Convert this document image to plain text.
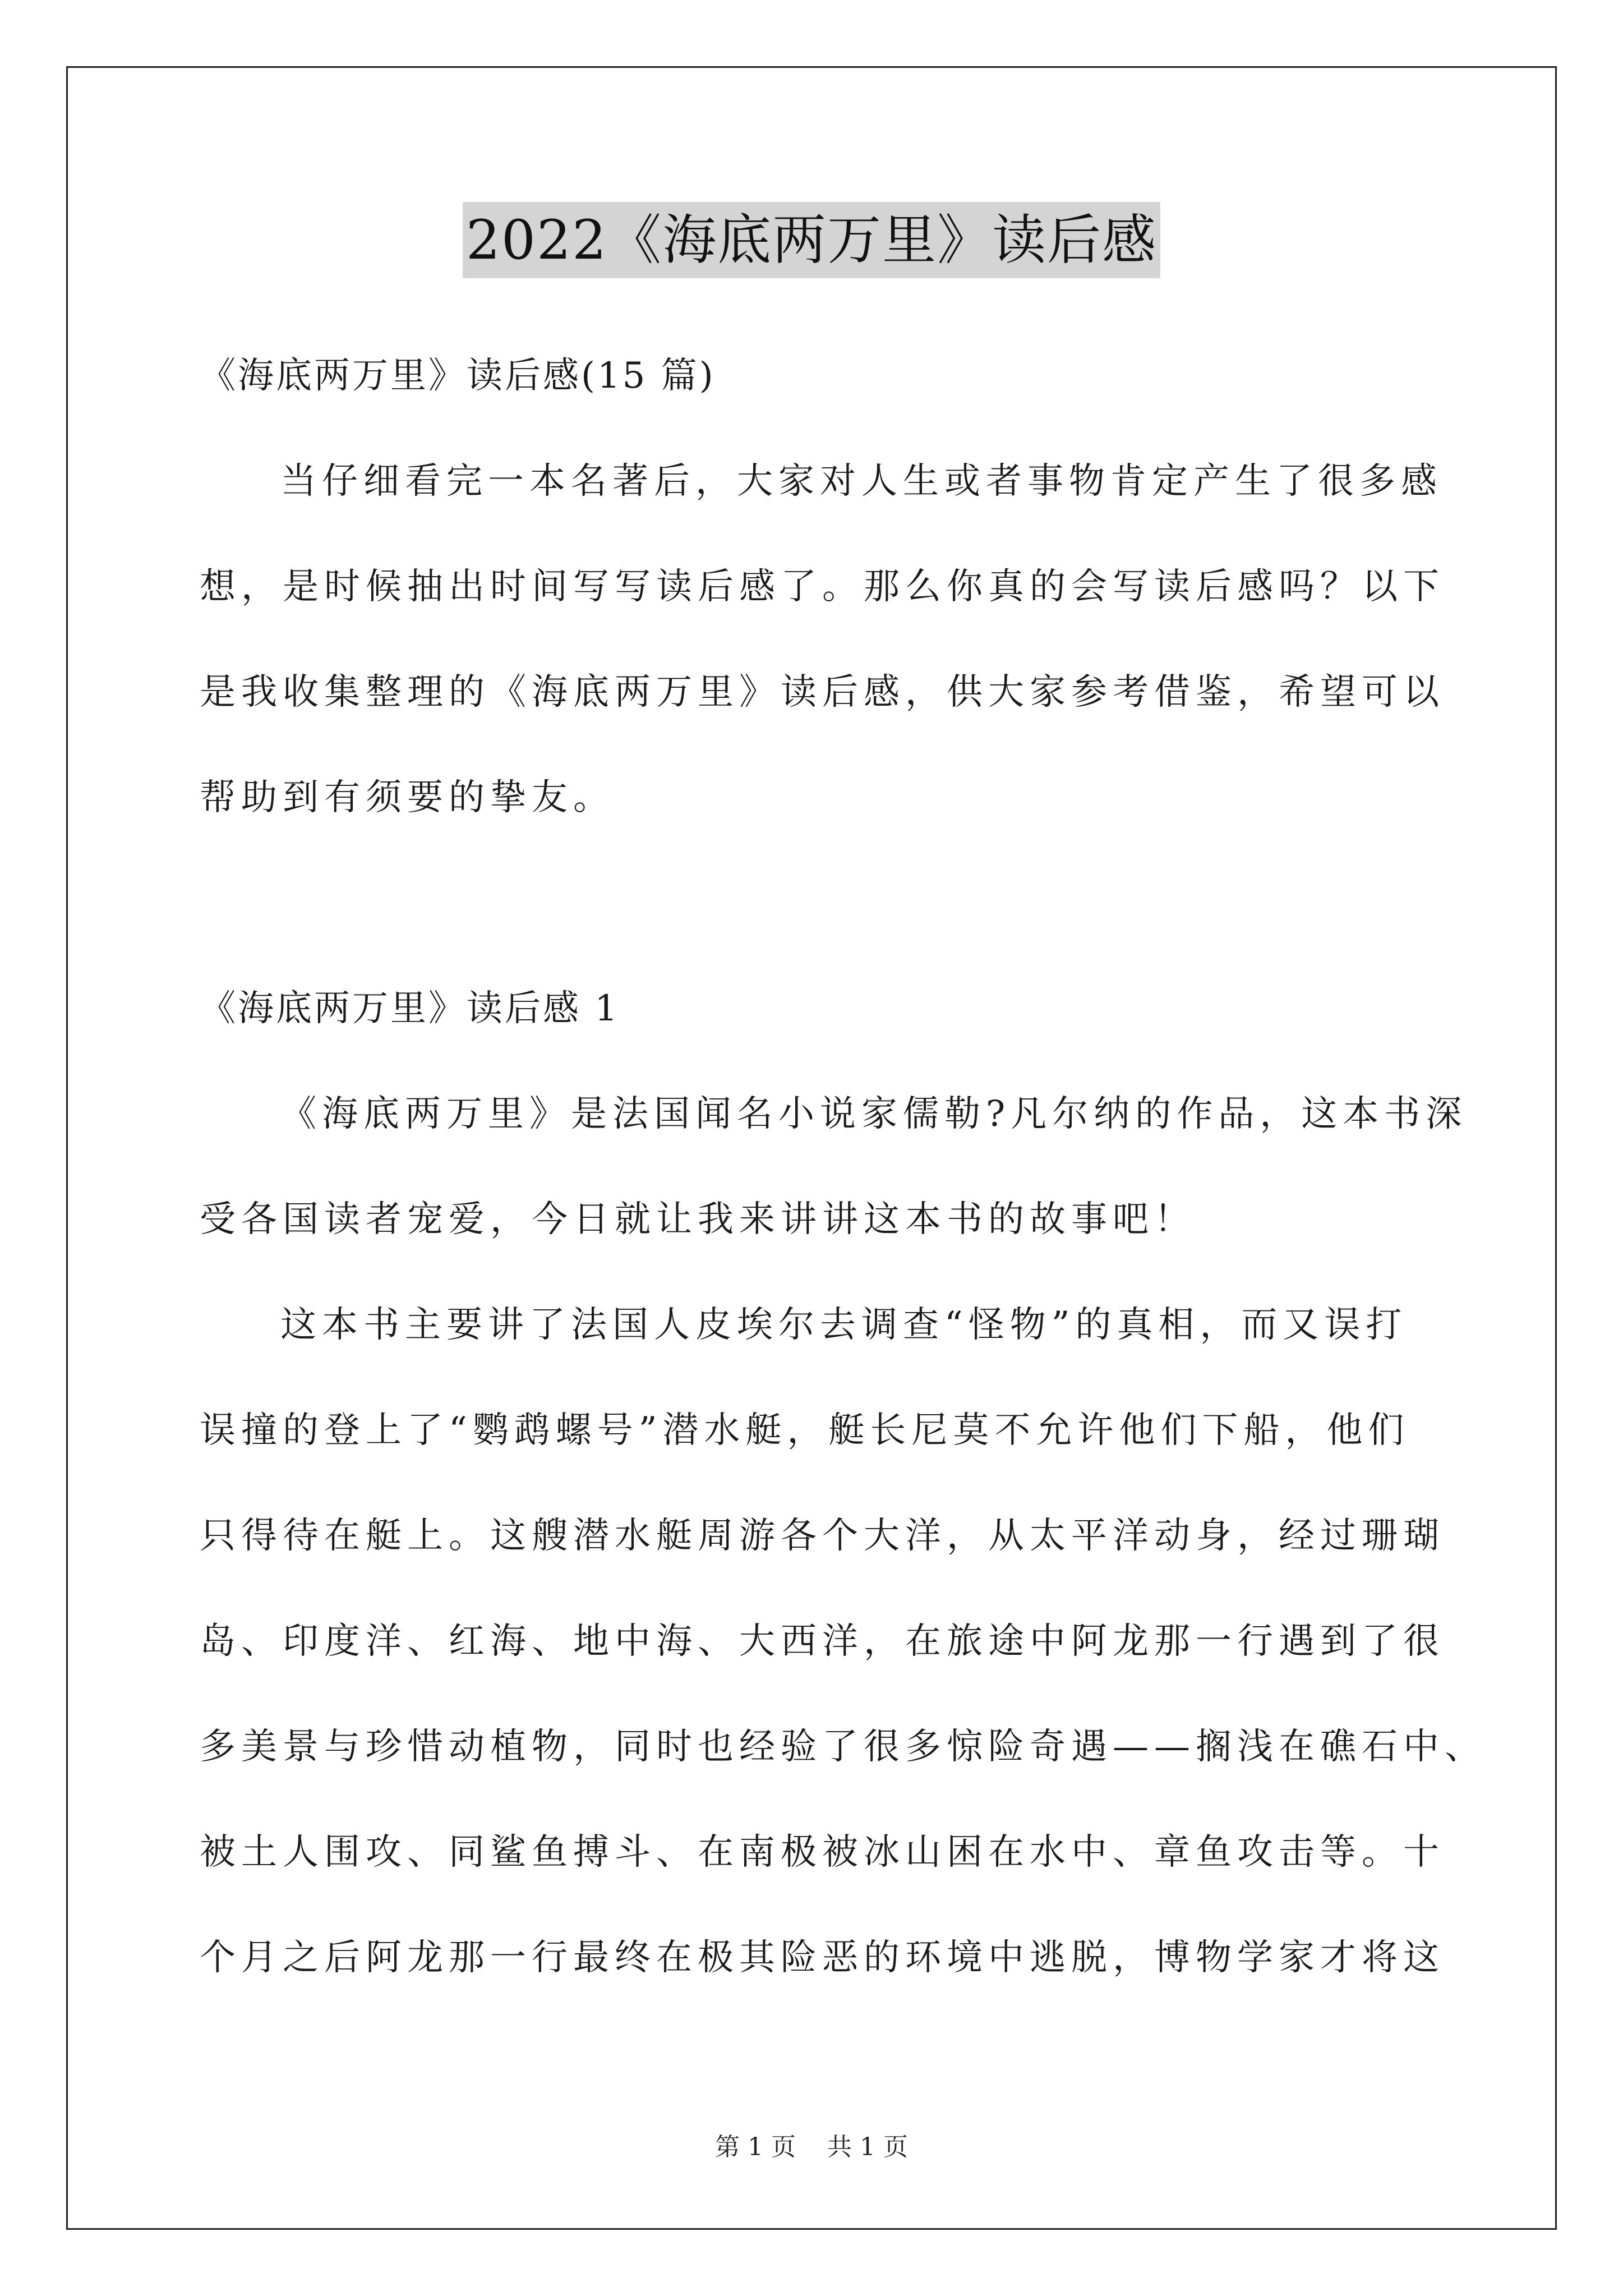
2022《海底两万里》读后感
《海底两万里》读后感(15 篇)
当仔细看完一本名著后，大家对人生或者事物肯定产生了很多感
想，是时候抽出时间写写读后感了。那么你真的会写读后感吗？以下
是我收集整理的《海底两万里》读后感，供大家参考借鉴，希望可以
帮助到有须要的挚友。
《海底两万里》读后感 1
《海底两万里》是法国闻名小说家儒勒?凡尔纳的作品，这本书深
受各国读者宠爱，今日就让我来讲讲这本书的故事吧！
这本书主要讲了法国人皮埃尔去调查“怪物”的真相，而又误打
误撞的登上了“鹦鹉螺号”潜水艇，艇长尼莫不允许他们下船，他们
只得待在艇上。这艘潜水艇周游各个大洋，从太平洋动身，经过珊瑚
岛、印度洋、红海、地中海、大西洋，在旅途中阿龙那一行遇到了很
多美景与珍惜动植物，同时也经验了很多惊险奇遇——搁浅在礁石中、
被土人围攻、同鲨鱼搏斗、在南极被冰山困在水中、章鱼攻击等。十
个月之后阿龙那一行最终在极其险恶的环境中逃脱，博物学家才将这
第 1 页 共 1 页
